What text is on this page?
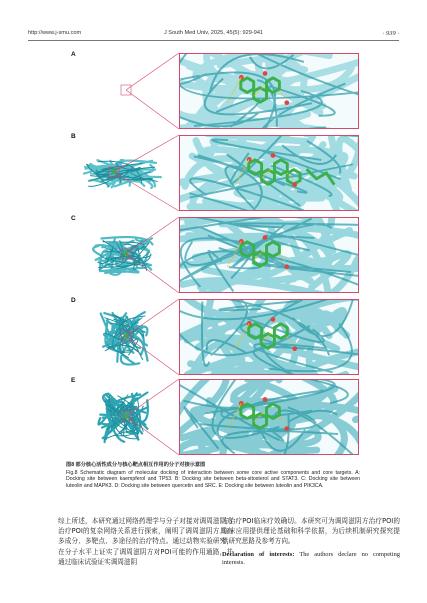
http://www.j-smu.com	J South Med Univ, 2025, 45(5): 929-941	· 939 ·
A
B
C
D
E
图8 部分核心活性成分与核心靶点相互作用的分子对接示意图
Fig.8 Schematic diagram of molecular docking of interaction between some core active components and core targets. A: Docking site between kaempferol and TP53. B: Docking site between beta-sitosterol and STAT3. C: Docking site between luteolin and MAPK3. D: Docking site between quercetin and SRC. E: Docking site between luteolin and PIK3CA.

综上所述，本研究通过网络药理学与分子对接对调周滋阴方治疗POI的复杂网络关系进行探索，阐明了调周滋阴方具有多成分、多靶点、多途径的治疗特点。通过动物实验研究，在分子水平上证实了调周滋阴方对POI可能的作用通路，并通过临床试验证实调周滋阴

方治疗POI临床疗效确切。本研究可为调周滋阴方治疗POI的临床应用提供理论基础和科学依据，为后续机制研究探究提供研究思路及参考方向。

Declaration of interests: The authors declare no competing interests.
